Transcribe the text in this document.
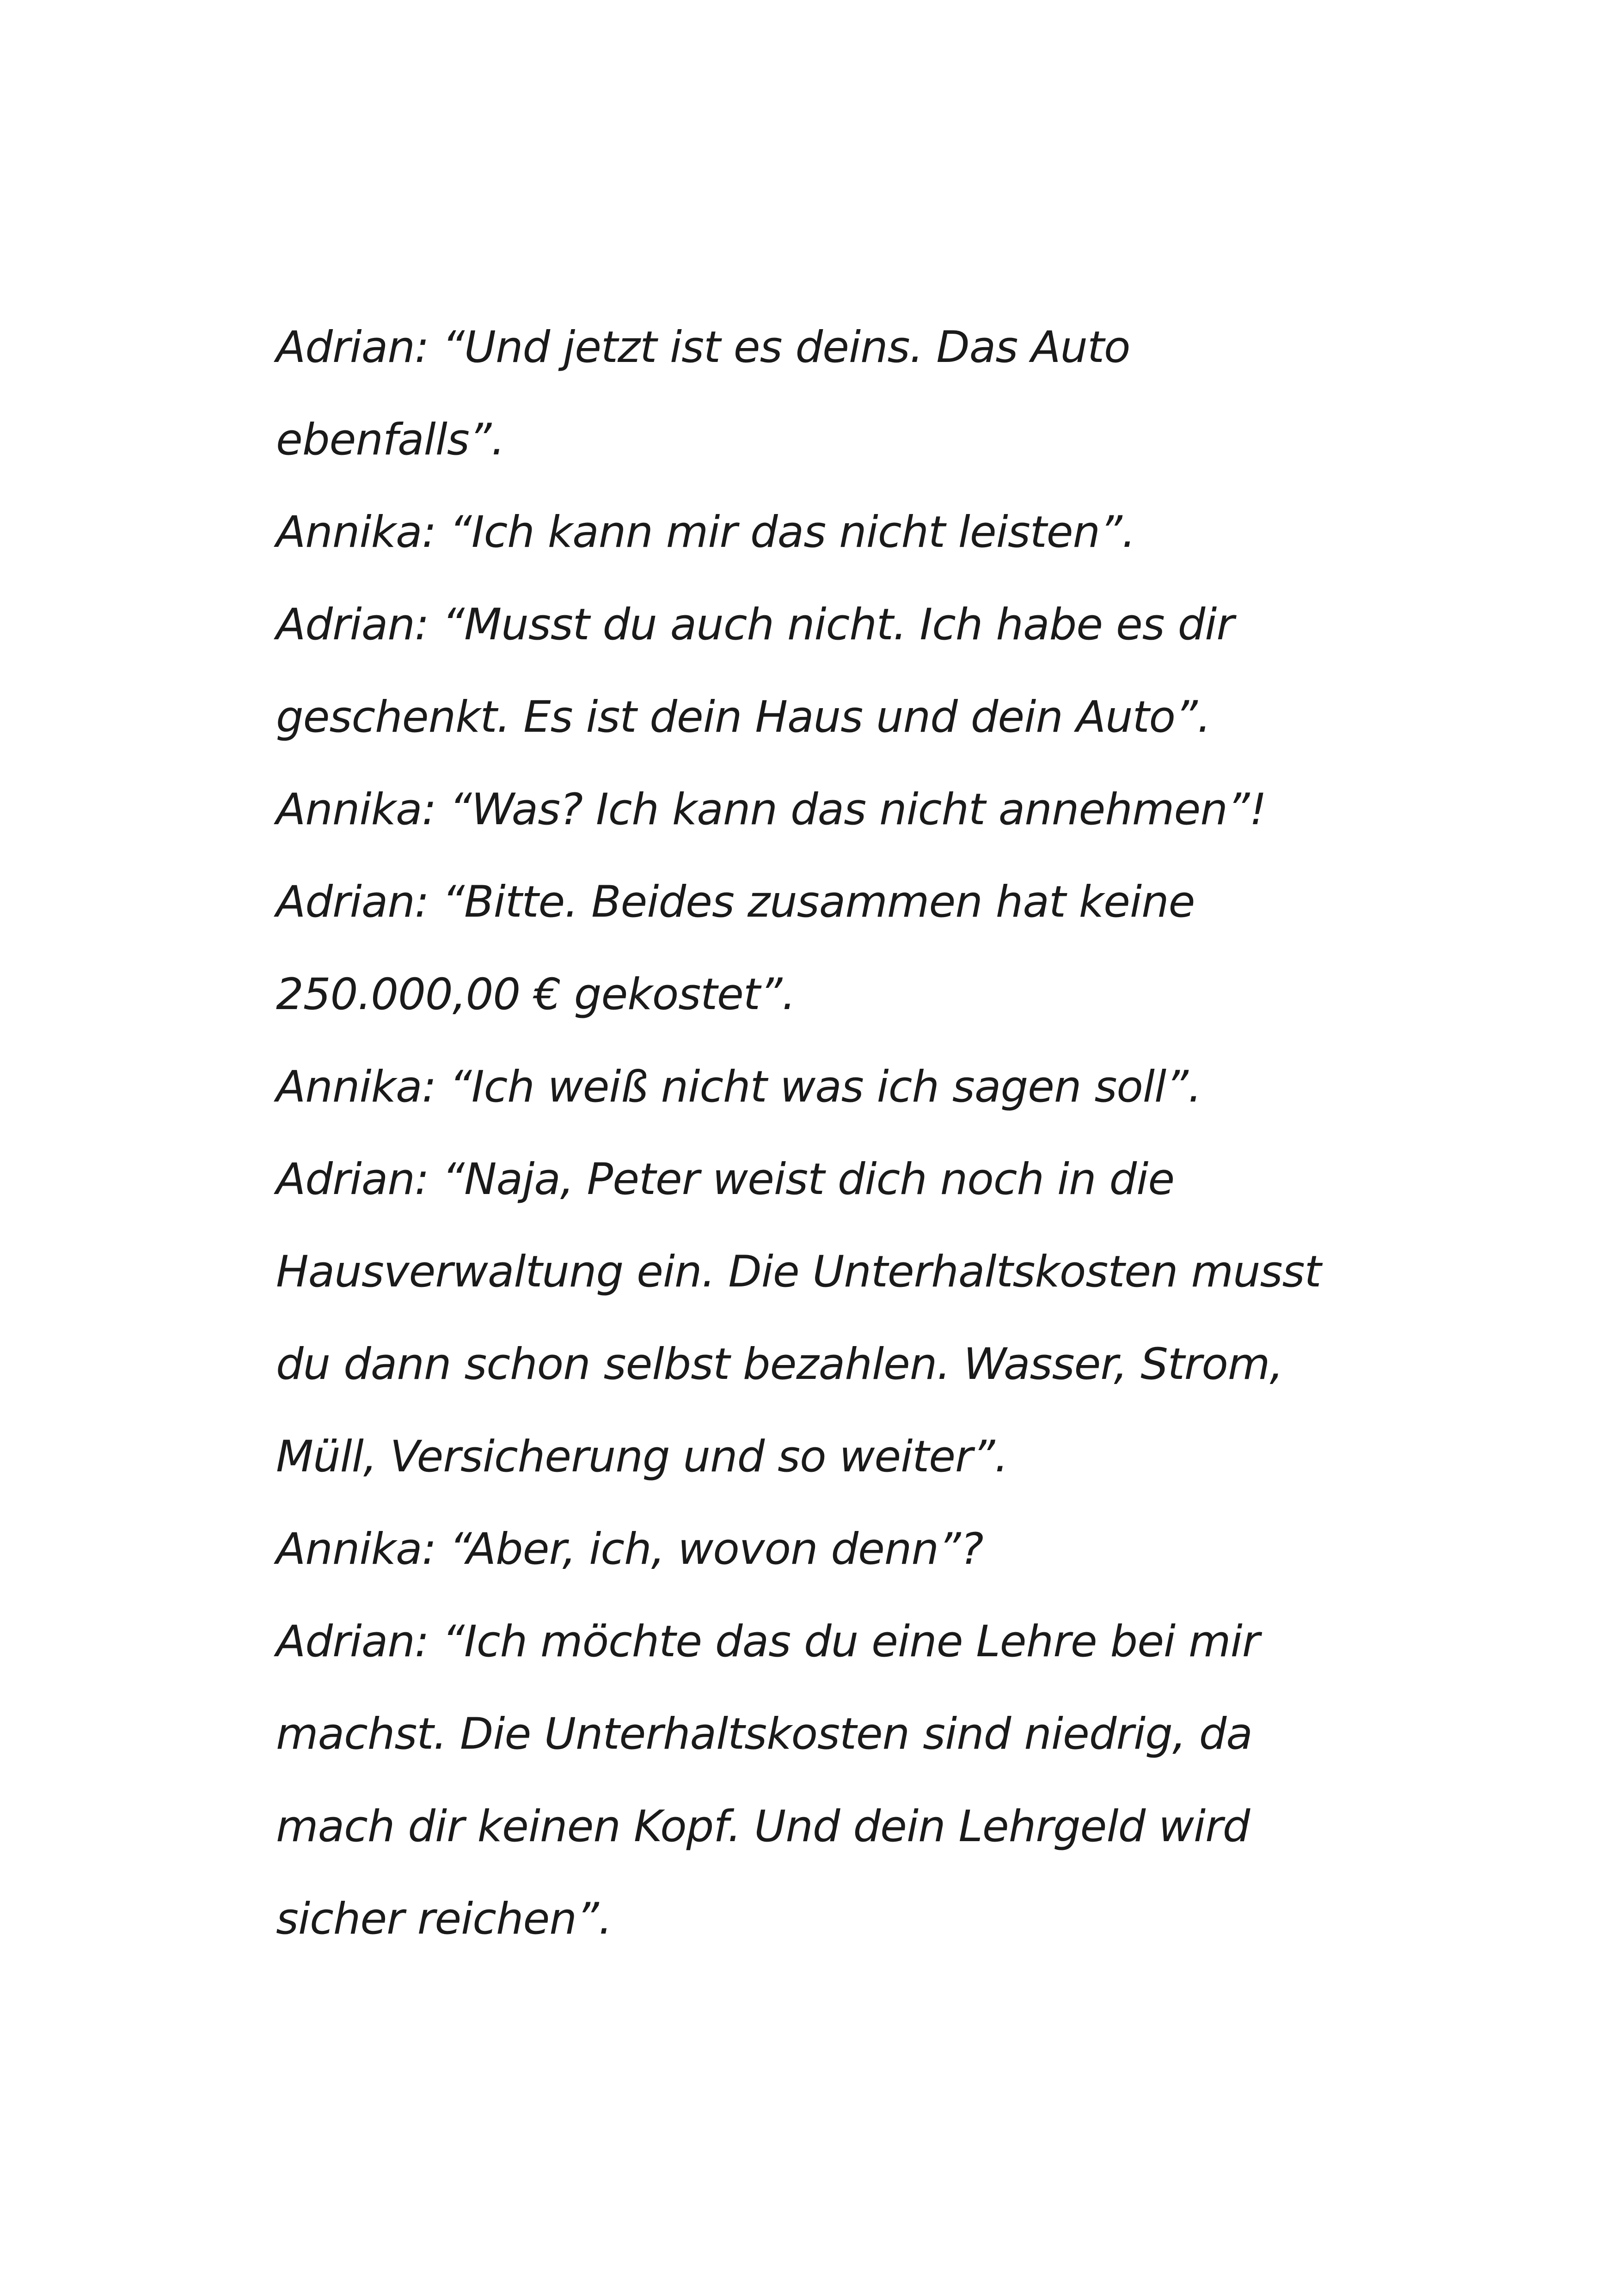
Adrian: “Und jetzt ist es deins. Das Auto
ebenfalls”.
Annika: “Ich kann mir das nicht leisten”.
Adrian: “Musst du auch nicht. Ich habe es dir
geschenkt. Es ist dein Haus und dein Auto”.
Annika: “Was? Ich kann das nicht annehmen”!
Adrian: “Bitte. Beides zusammen hat keine
250.000,00 € gekostet”.
Annika: “Ich weiß nicht was ich sagen soll”.
Adrian: “Naja, Peter weist dich noch in die
Hausverwaltung ein. Die Unterhaltskosten musst
du dann schon selbst bezahlen. Wasser, Strom,
Müll, Versicherung und so weiter”.
Annika: “Aber, ich, wovon denn”?
Adrian: “Ich möchte das du eine Lehre bei mir
machst. Die Unterhaltskosten sind niedrig, da
mach dir keinen Kopf. Und dein Lehrgeld wird
sicher reichen”.
